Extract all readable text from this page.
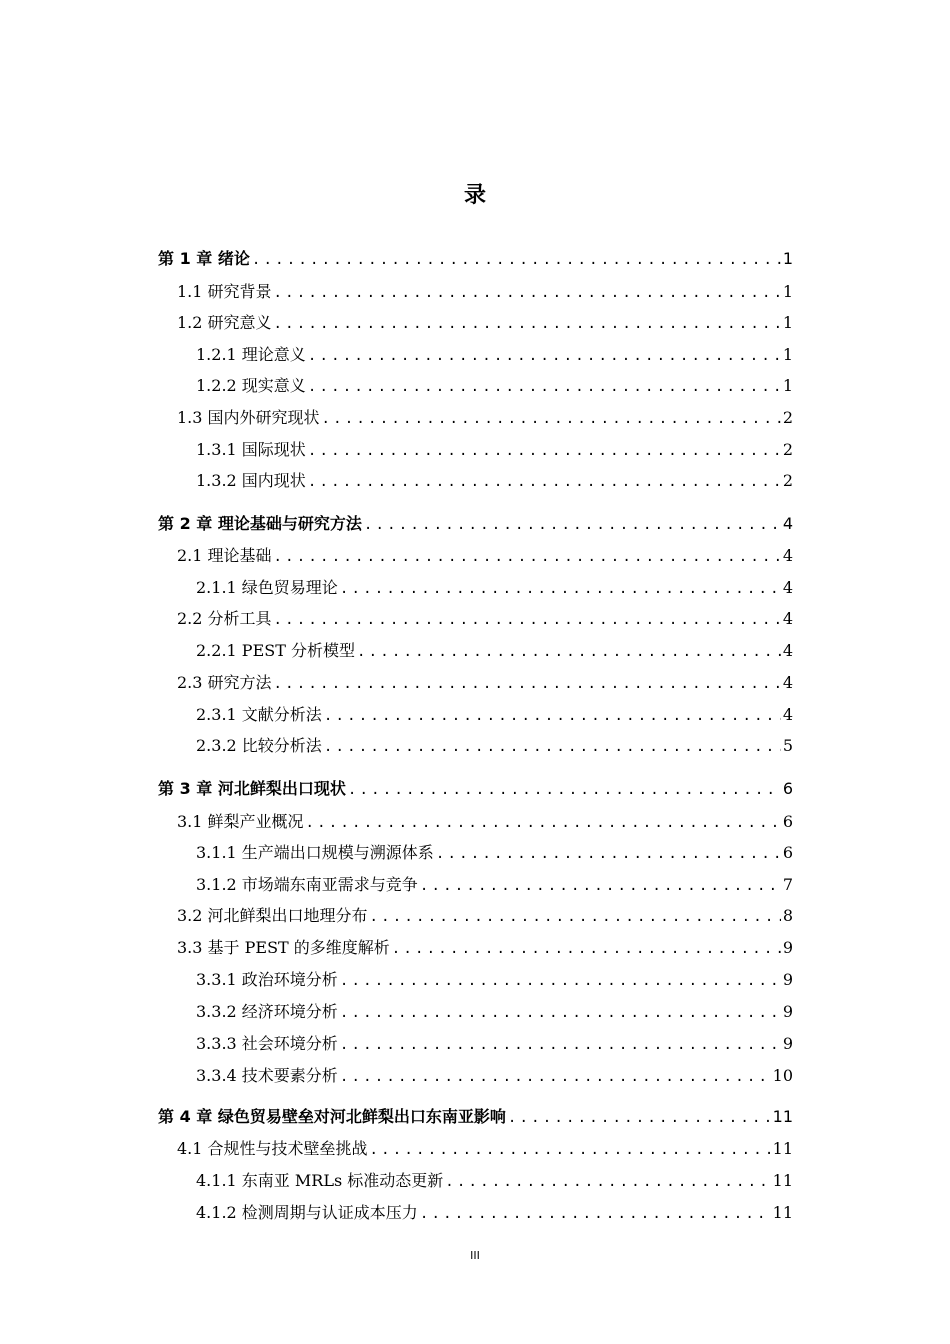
录
第 1 章 绪论 .....	1
1.1 研究背景 .....	1
1.2 研究意义 .....	1
1.2.1 理论意义 .....	1
1.2.2 现实意义 .....	1
1.3 国内外研究现状 .....	2
1.3.1 国际现状 .....	2
1.3.2 国内现状 .....	2
第 2 章 理论基础与研究方法 .....	4
2.1 理论基础 .....	4
2.1.1 绿色贸易理论 .....	4
2.2 分析工具 .....	4
2.2.1 PEST 分析模型 .....	4
2.3 研究方法 .....	4
2.3.1 文献分析法 .....	4
2.3.2 比较分析法 .....	5
第 3 章 河北鲜梨出口现状 .....	6
3.1 鲜梨产业概况 .....	6
3.1.1 生产端出口规模与溯源体系 .....	6
3.1.2 市场端东南亚需求与竞争 .....	7
3.2 河北鲜梨出口地理分布 .....	8
3.3 基于 PEST 的多维度解析 .....	9
3.3.1 政治环境分析 .....	9
3.3.2 经济环境分析 .....	9
3.3.3 社会环境分析 .....	9
3.3.4 技术要素分析 .....	10
第 4 章 绿色贸易壁垒对河北鲜梨出口东南亚影响 .....	11
4.1 合规性与技术壁垒挑战 .....	11
4.1.1 东南亚 MRLs 标准动态更新 .....	11
4.1.2 检测周期与认证成本压力 .....	11
III
